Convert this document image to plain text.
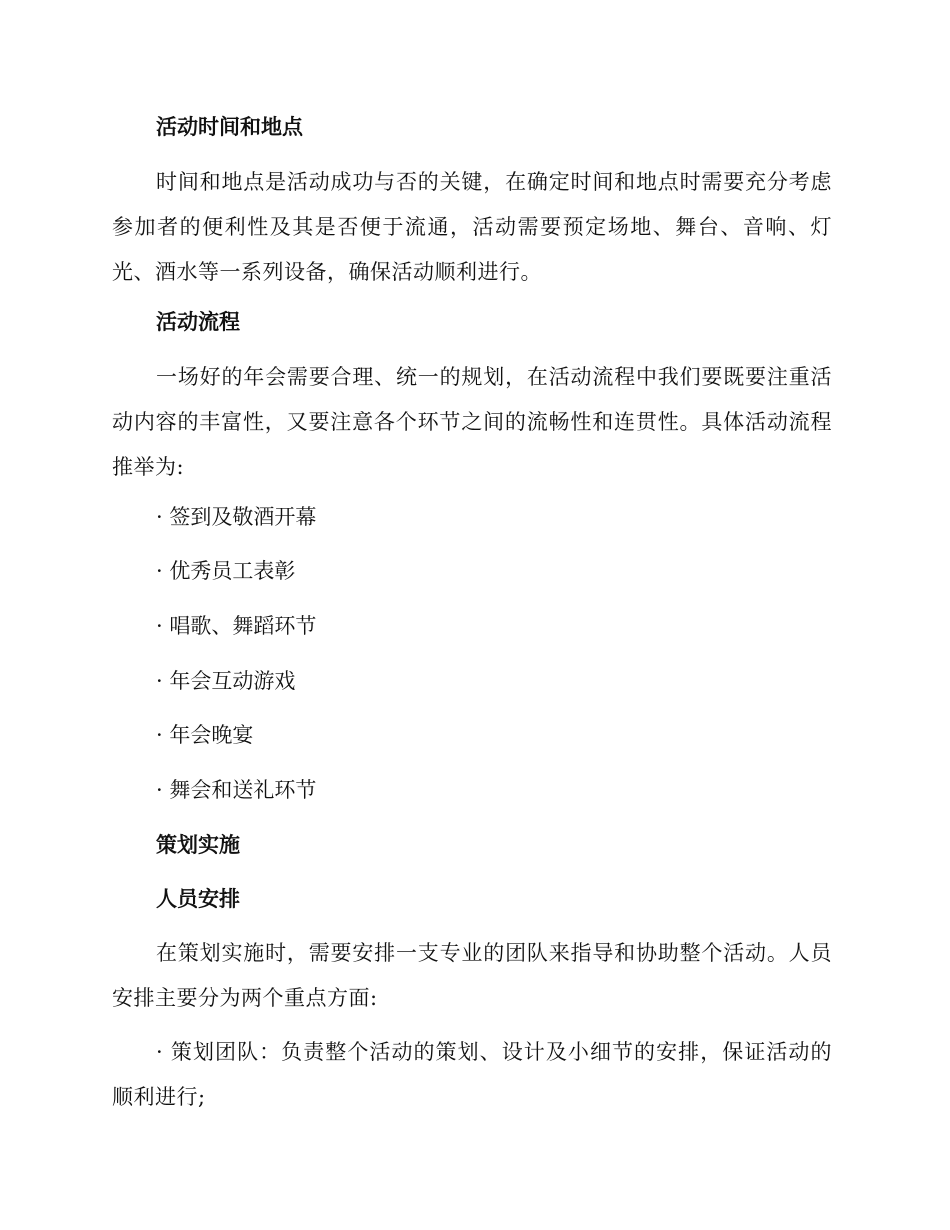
活动时间和地点
时间和地点是活动成功与否的关键，在确定时间和地点时需要充分考虑参加者的便利性及其是否便于流通，活动需要预定场地、舞台、音响、灯光、酒水等一系列设备，确保活动顺利进行。
活动流程
一场好的年会需要合理、统一的规划，在活动流程中我们要既要注重活动内容的丰富性，又要注意各个环节之间的流畅性和连贯性。具体活动流程推举为:
· 签到及敬酒开幕
· 优秀员工表彰
· 唱歌、舞蹈环节
· 年会互动游戏
· 年会晚宴
· 舞会和送礼环节
策划实施
人员安排
在策划实施时，需要安排一支专业的团队来指导和协助整个活动。人员安排主要分为两个重点方面:
· 策划团队：负责整个活动的策划、设计及小细节的安排，保证活动的顺利进行;
